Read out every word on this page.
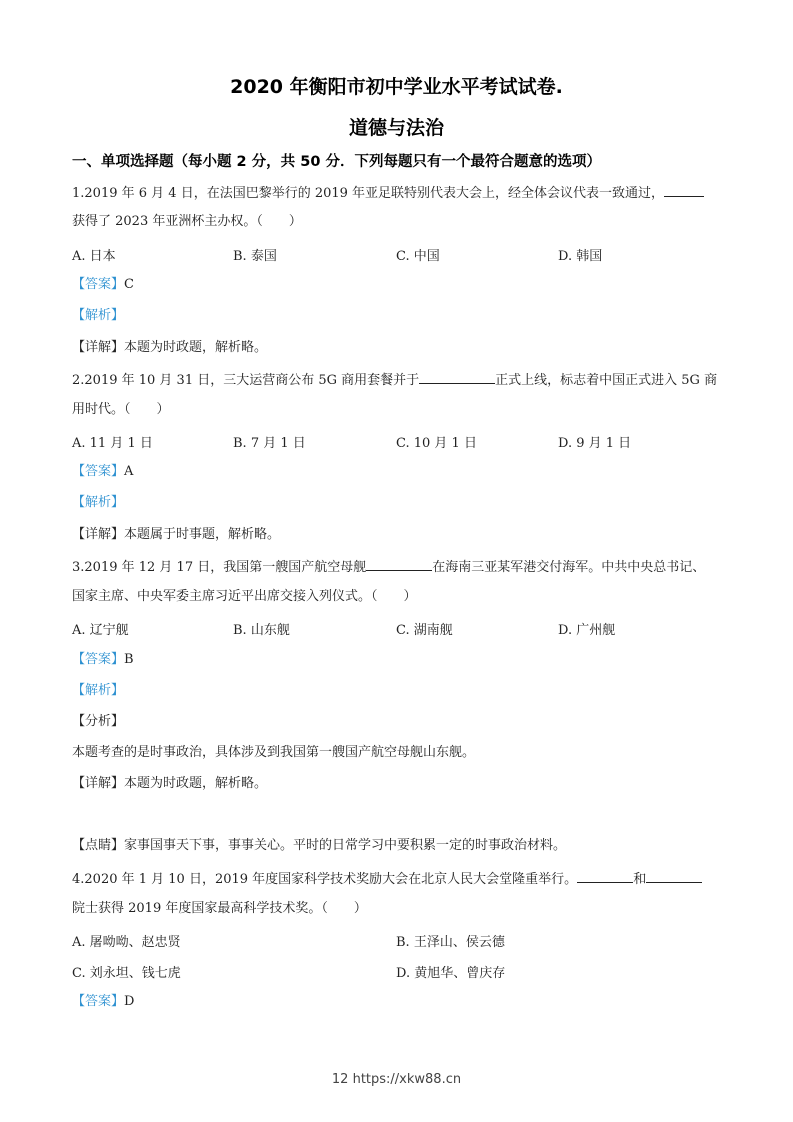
2020 年衡阳市初中学业水平考试试卷.
道德与法治
一、单项选择题（每小题 2 分，共 50 分．下列每题只有一个最符合题意的选项）
1.2019 年 6 月 4 日，在法国巴黎举行的 2019 年亚足联特别代表大会上，经全体会议代表一致通过，
获得了 2023 年亚洲杯主办权。（　　）
A. 日本	B. 泰国	C. 中国	D. 韩国
【答案】C
【解析】
【详解】本题为时政题，解析略。
2.2019 年 10 月 31 日，三大运营商公布 5G 商用套餐并于	正式上线，标志着中国正式进入 5G 商
用时代。（　　）
A. 11 月 1 日	B. 7 月 1 日	C. 10 月 1 日	D. 9 月 1 日
【答案】A
【解析】
【详解】本题属于时事题，解析略。
3.2019 年 12 月 17 日，我国第一艘国产航空母舰	在海南三亚某军港交付海军。中共中央总书记、
国家主席、中央军委主席习近平出席交接入列仪式。（　　）
A. 辽宁舰	B. 山东舰	C. 湖南舰	D. 广州舰
【答案】B
【解析】
【分析】
本题考查的是时事政治，具体涉及到我国第一艘国产航空母舰山东舰。
【详解】本题为时政题，解析略。
【点睛】家事国事天下事，事事关心。平时的日常学习中要积累一定的时事政治材料。
4.2020 年 1 月 10 日，2019 年度国家科学技术奖励大会在北京人民大会堂隆重举行。	和
院士获得 2019 年度国家最高科学技术奖。（　　）
A. 屠呦呦、赵忠贤	B. 王泽山、侯云德
C. 刘永坦、钱七虎	D. 黄旭华、曾庆存
【答案】D
12 https://xkw88.cn
